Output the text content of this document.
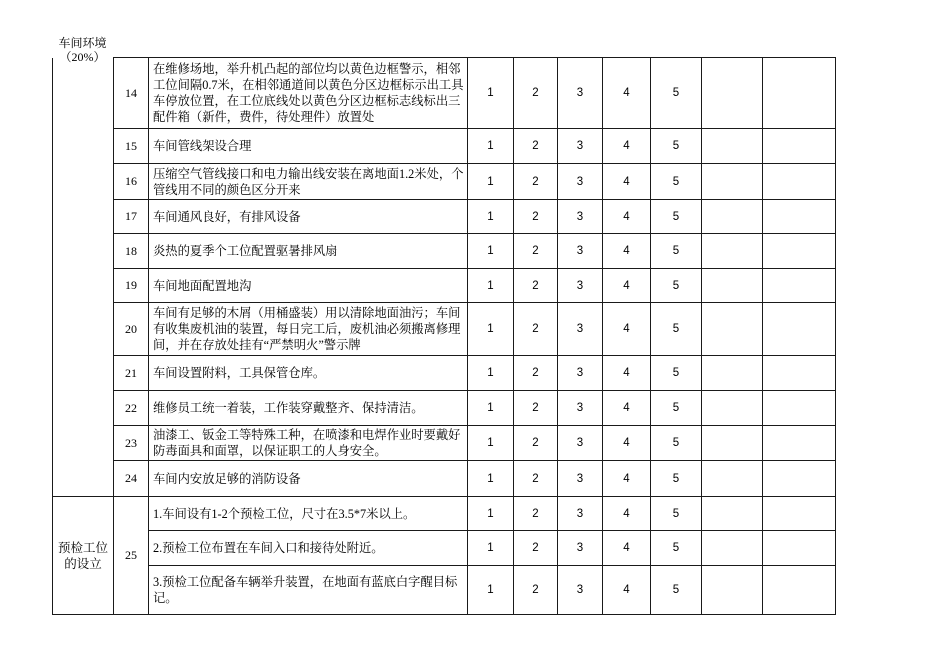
车间环境
（20%）
	14	在维修场地，举升机凸起的部位均以黄色边框警示，相邻工位间隔0.7米，在相邻通道间以黄色分区边框标示出工具车停放位置，在工位底线处以黄色分区边框标志线标出三配件箱（新件，费件，待处理件）放置处	1	2	3	4	5		
	15	车间管线架设合理	1	2	3	4	5		
	16	压缩空气管线接口和电力输出线安装在离地面1.2米处，个管线用不同的颜色区分开来	1	2	3	4	5		
	17	车间通风良好，有排风设备	1	2	3	4	5		
	18	炎热的夏季个工位配置驱暑排风扇	1	2	3	4	5		
	19	车间地面配置地沟	1	2	3	4	5		
	20	车间有足够的木屑（用桶盛装）用以清除地面油污；车间有收集废机油的装置，每日完工后，废机油必须搬离修理间，并在存放处挂有“严禁明火”警示牌	1	2	3	4	5		
	21	车间设置附料，工具保管仓库。	1	2	3	4	5		
	22	维修员工统一着装，工作装穿戴整齐、保持清洁。	1	2	3	4	5		
	23	油漆工、钣金工等特殊工种，在喷漆和电焊作业时要戴好防毒面具和面罩，以保证职工的人身安全。	1	2	3	4	5		
	24	车间内安放足够的消防设备	1	2	3	4	5		

预检工位
的设立	25	1.车间设有1-2个预检工位，尺寸在3.5*7米以上。	1	2	3	4	5		
		2.预检工位布置在车间入口和接待处附近。	1	2	3	4	5		
		3.预检工位配备车辆举升装置，在地面有蓝底白字醒目标记。	1	2	3	4	5		
